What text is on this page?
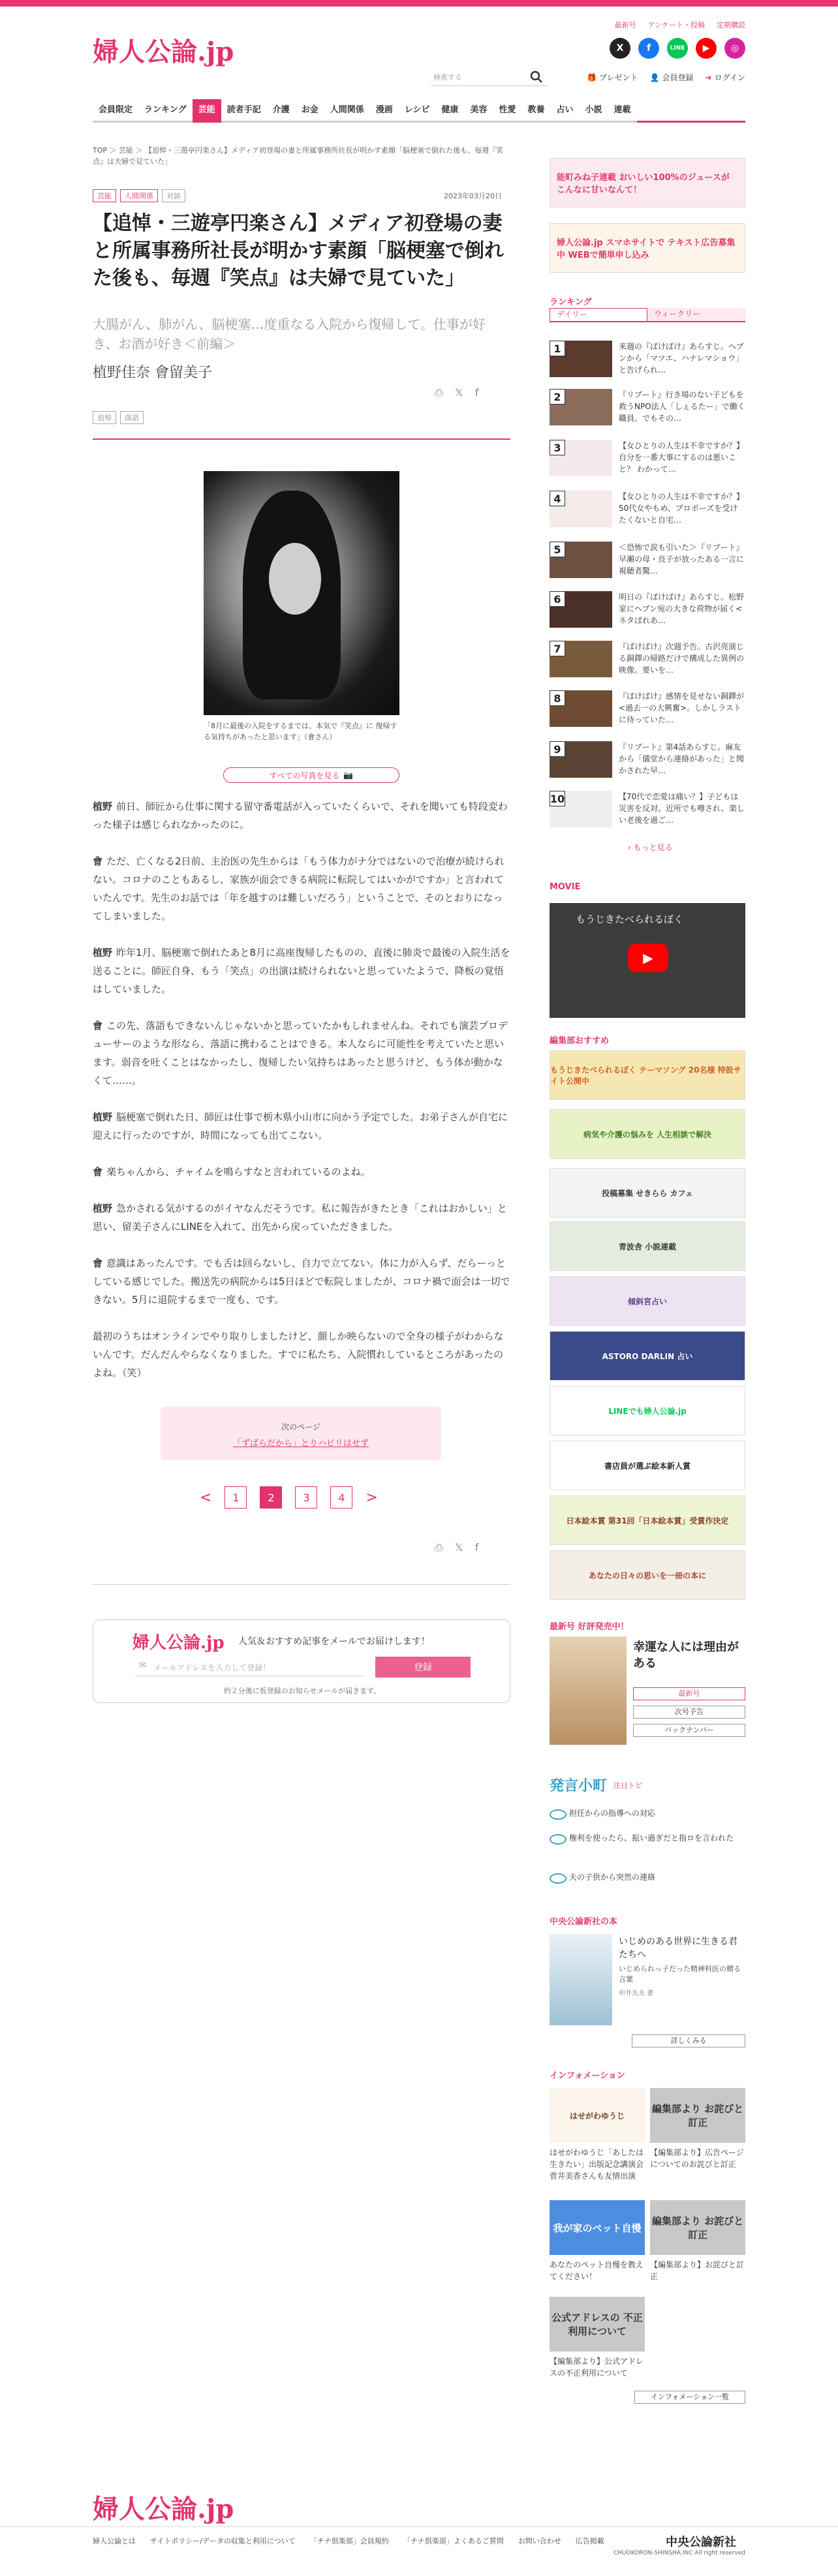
婦人公論.jp
最新号 アンケート・投稿 定期購読
X	f	LINE	▶	◎
検索する	🎁 プレゼント 👤 会員登録 ➜ ログイン
会員限定	ランキング	芸能	読者手記	介護	お金	人間関係	漫画	レシピ	健康	美容	性愛	教養	占い	小説	連載
TOP ＞ 芸能 ＞ 【追悼・三遊亭円楽さん】メディア初登場の妻と所属事務所社長が明かす素顔「脳梗塞で倒れた後も、毎週『笑点』は夫婦で見ていた」
芸能 人間関係 対談	2023年03月20日
【追悼・三遊亭円楽さん】メディア初登場の妻と所属事務所社長が明かす素顔「脳梗塞で倒れた後も、毎週『笑点』は夫婦で見ていた」
大腸がん、肺がん、脳梗塞…度重なる入院から復帰して。仕事が好き、お酒が好き＜前編＞
植野佳奈 會留美子
⎙ 𝕏 f
追悼 落語
「8月に最後の入院をするまでは、本気で『笑点』に 復帰する気持ちがあったと思います」（會さん）
すべての写真を見る 📷

植野 前日、師匠から仕事に関する留守番電話が入っていたくらいで、それを聞いても特段変わった様子は感じられなかったのに。

會 ただ、亡くなる2日前、主治医の先生からは「もう体力がナ分ではないので治療が続けられない。コロナのこともあるし、家族が面会できる病院に転院してはいかがですか」と言われていたんです。先生のお話では「年を越すのは難しいだろう」ということで、そのとおりになってしまいました。

植野 昨年1月、脳梗塞で倒れたあと8月に高座復帰したものの、直後に肺炎で最後の入院生活を送ることに。師匠自身、もう「笑点」の出演は続けられないと思っていたようで、降板の覚悟はしていました。

會 この先、落語もできないんじゃないかと思っていたかもしれませんね。それでも演芸プロデューサーのような形なら、落語に携わることはできる。本人ならに可能性を考えていたと思います。弱音を吐くことはなかったし、復帰したい気持ちはあったと思うけど、もう体が動かなくて……。

植野 脳梗塞で倒れた日、師匠は仕事で栃木県小山市に向かう予定でした。お弟子さんが自宅に迎えに行ったのですが、時間になっても出てこない。

會 楽ちゃんから、チャイムを鳴らすなと言われているのよね。

植野 急かされる気がするのがイヤなんだそうです。私に報告がきたとき「これはおかしい」と思い、留美子さんにLINEを入れて、出先から戻っていただきました。

會 意識はあったんです。でも舌は回らないし、自力で立てない。体に力が入らず、だらーっとしている感じでした。搬送先の病院からは5日ほどで転院しましたが、コロナ禍で面会は一切できない。5月に退院するまで一度も、です。

最初のうちはオンラインでやり取りしましたけど、顔しか映らないので全身の様子がわからないんです。だんだんやらなくなりました。すでに私たち、入院慣れしているところがあったのよね。（笑）

次のページ
「ずばらだから」とりハビリはせず
<	1	2	3	4	>
⎙ 𝕏 f
婦人公論.jp 人気＆おすすめ記事をメールでお届けします！
メールアドレスを入力して登録！
✉	登録
約２分後に仮登録のお知らせメールが届きます。
能町みね子連載 おいしい100%のジュースが こんなに甘いなんて！
婦人公論.jp スマホサイトで テキスト広告募集中 WEBで簡単申し込み
ランキング
デイリー	ウィークリー
1	来週の『ばけばけ』あらすじ。ヘブンから「マツエ、ハナレマショウ」と告げられ…
2	『リブート』行き場のない子どもを救うNPO法人「しぇるたー」で働く職員。でもその…
3	【女ひとりの人生は不幸ですか？】自分を一番大事にするのは悪いこと？ わかって…
4	【女ひとりの人生は不幸ですか？】50代女やもめ、プロポーズを受けたくないと自宅…
5	＜恐怖で涙も引いた＞『リブート』早瀬の母・良子が放ったある一言に視聴者驚…
6	明日の『ばけばけ』あらすじ。松野家にヘブン宛の大きな荷物が届く<ネタばれあ…
7	『ばけばけ』次週予告。古沢亮演じる銅鐸の帰路だけで構成した異例の映像。要いを…
8	『ばけばけ』感情を見せない銅鐸が<過去一の大興奮>。しかしラストに待っていた…
9	『リブート』第4話あらすじ。麻友から「儀堂から連絡があった」と聞かされた早…
10	【70代で恋愛は痛い？】子どもは災害を反対。近所でも噂され、楽しい老後を過ご…
› もっと見る
MOVIE
もうじきたべられるぼく
▶
編集部おすすめ
もうじきたべられるぼく テーマソング 20名様 特設サイト公開中
病気や介護の悩みを 人生相談で解決
投稿募集 せきらら カフェ
青波舎 小説連載
傾斜宮占い
ASTORO DARLIN 占い
LINEでも婦人公論.jp
書店員が選ぶ絵本新人賞
日本絵本賞 第31回「日本絵本賞」受賞作決定
あなたの日々の思いを一冊の本に
最新号 好評発売中！
幸運な人には理由がある
最新号
次号予告
バックナンバー
発言小町 注目トピ
担任からの指導への対応
権利を使ったら、振い過ぎだと指ロを言われた
夫の子供から突然の連絡
中央公論新社の本
いじめのある世界に生きる君たちへ
いじめられっ子だった精神科医の贈る言葉
中井久夫 著
詳しくみる
インフォメーション
はせがわゆうじ
はせがわゆうじ「あしたは生きたい」出版記念講演会 菅井美香さんも友情出演
編集部より お詫びと訂正
【編集部より】広告ページについてのお詫びと訂正
我が家のペット自慢
あなたのペット自慢を教えてください！
編集部より お詫びと訂正
【編集部より】お詫びと訂正
公式アドレスの 不正利用について
【編集部より】公式アドレスの不正利用について
インフォメーション一覧
婦人公論.jp
婦人公論とは サイトポリシー/データの収集と利用について 「チナ倶楽部」会員規約 「チナ倶楽部」よくあるご質問 お問い合わせ 広告掲載	中央公論新社
CHUOKORON-SHINSHA,INC All right reserved
